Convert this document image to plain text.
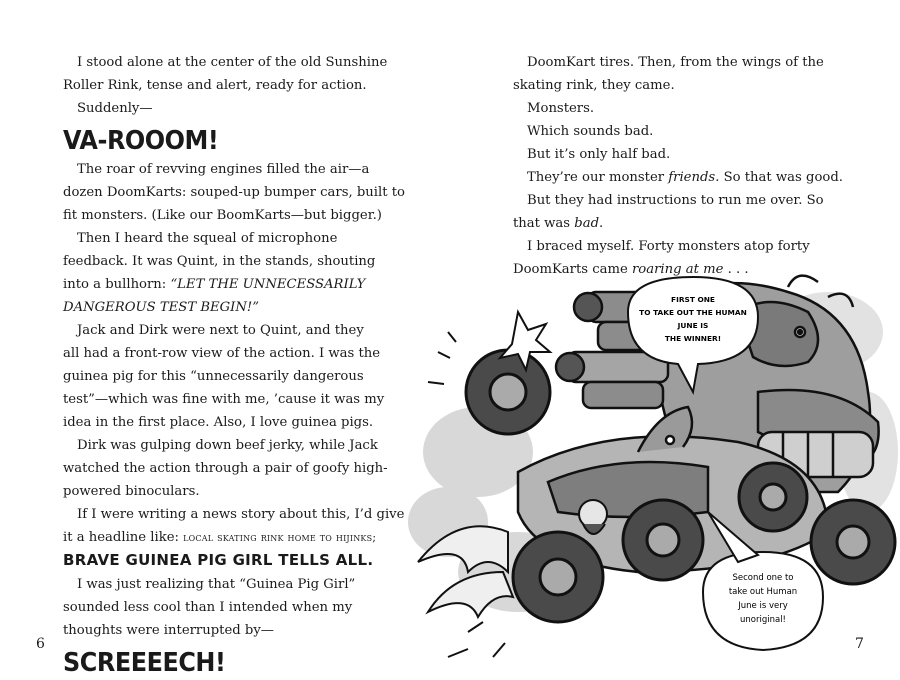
I stood alone at the center of the old Sunshine

Roller Rink, tense and alert, ready for action.

Suddenly—

VA-ROOOM!

The roar of revving engines filled the air—a

dozen DoomKarts: souped-up bumper cars, built to

fit monsters. (Like our BoomKarts—but bigger.)

Then I heard the squeal of microphone

feedback. It was Quint, in the stands, shouting

into a bullhorn: “LET THE UNNECESSARILY

DANGEROUS TEST BEGIN!”

Jack and Dirk were next to Quint, and they

all had a front-row view of the action. I was the

guinea pig for this “unnecessarily dangerous

test”—which was fine with me, ’cause it was my

idea in the first place. Also, I love guinea pigs.

Dirk was gulping down beef jerky, while Jack

watched the action through a pair of goofy high-

powered binoculars.

If I were writing a news story about this, I’d give

it a headline like: local skating rink home to hijinks;

BRAVE GUINEA PIG GIRL TELLS ALL.

I was just realizing that “Guinea Pig Girl”

sounded less cool than I intended when my

thoughts were interrupted by—

SCREEEECH!

6

DoomKart tires. Then, from the wings of the

skating rink, they came.

Monsters.

Which sounds bad.

But it’s only half bad.

They’re our monster friends. So that was good.

But they had instructions to run me over. So

that was bad.

I braced myself. Forty monsters atop forty

DoomKarts came roaring at me . . .

7
FIRST ONE
TO TAKE OUT THE HUMAN
JUNE IS
THE WINNER!
Second one to
take out Human
June is very
unoriginal!
